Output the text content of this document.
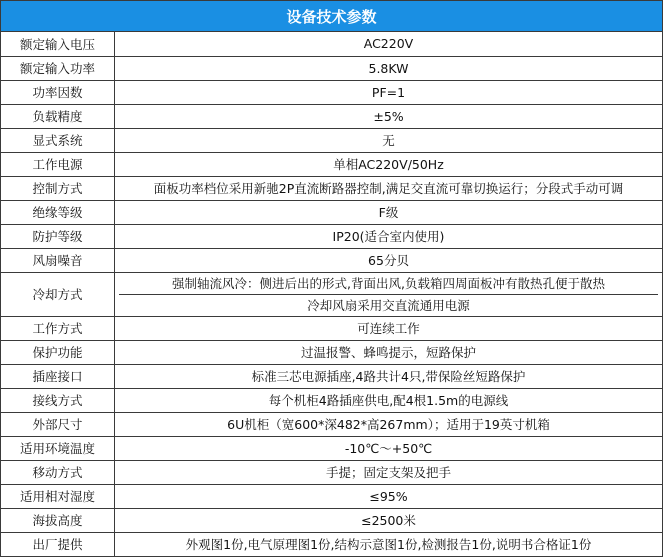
设备技术参数
额定输入电压	AC220V
额定输入功率	5.8KW
功率因数	PF=1
负载精度	±5%
显式系统	无
工作电源	单相AC220V/50Hz
控制方式	面板功率档位采用新驰2P直流断路器控制,满足交直流可靠切换运行；分段式手动可调
绝缘等级	F级
防护等级	IP20(适合室内使用)
风扇噪音	65分贝
冷却方式	强制轴流风冷：侧进后出的形式,背面出风,负载箱四周面板冲有散热孔便于散热
冷却风扇采用交直流通用电源

工作方式	可连续工作
保护功能	过温报警、蜂鸣提示，短路保护
插座接口	标准三芯电源插座,4路共计4只,带保险丝短路保护
接线方式	每个机柜4路插座供电,配4根1.5m的电源线
外部尺寸	6U机柜（宽600*深482*高267mm）；适用于19英寸机箱
适用环境温度	-10℃～+50℃
移动方式	手提；固定支架及把手
适用相对湿度	≤95%
海拔高度	≤2500米
出厂提供	外观图1份,电气原理图1份,结构示意图1份,检测报告1份,说明书合格证1份
